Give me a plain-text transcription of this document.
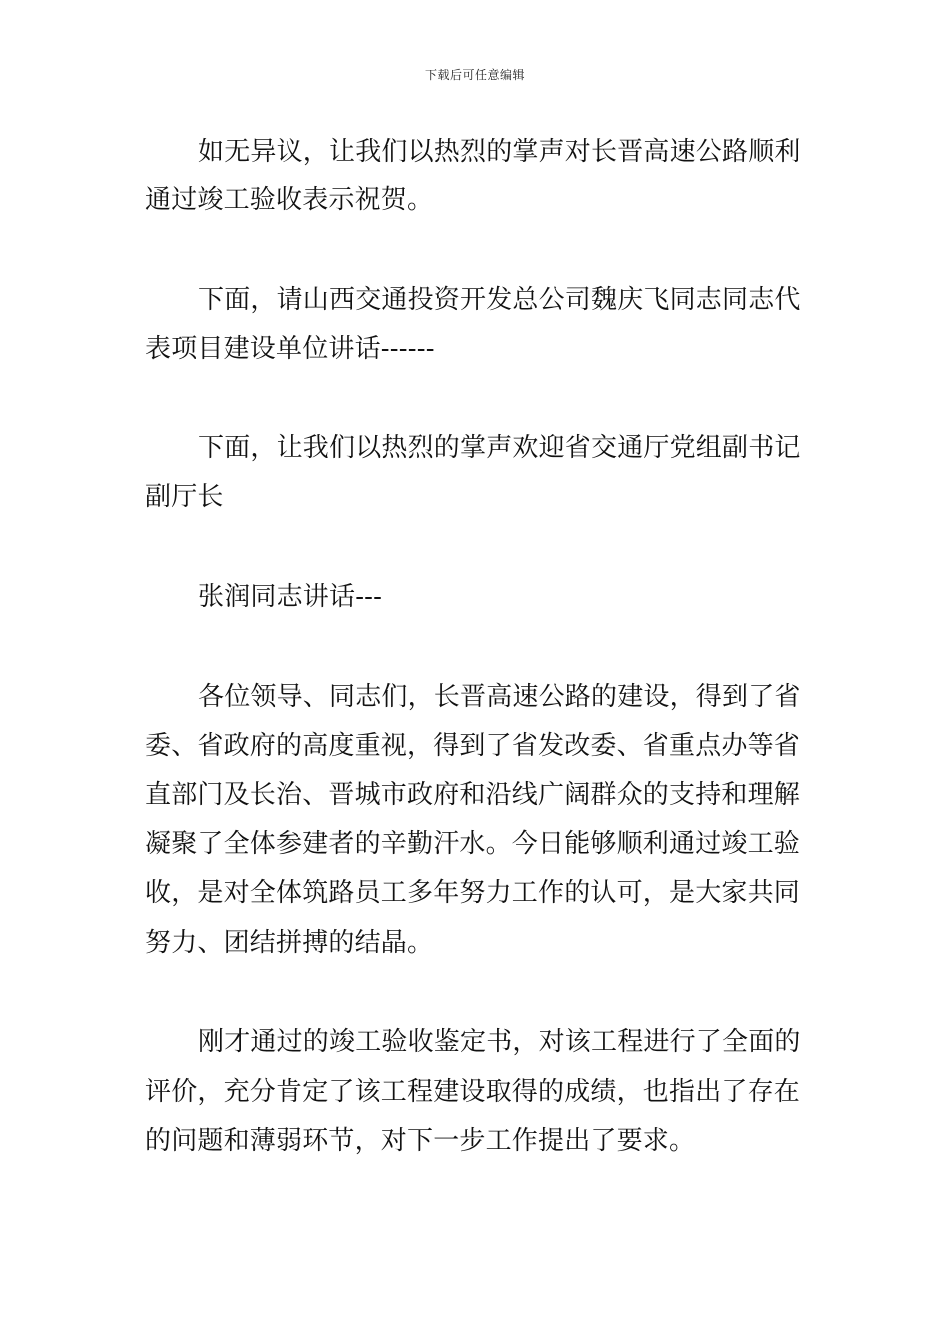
下载后可任意编辑
如无异议，让我们以热烈的掌声对长晋高速公路顺利
通过竣工验收表示祝贺。
下面，请山西交通投资开发总公司魏庆飞同志同志代
表项目建设单位讲话------
下面，让我们以热烈的掌声欢迎省交通厅党组副书记
副厅长
张润同志讲话---
各位领导、同志们，长晋高速公路的建设，得到了省
委、省政府的高度重视，得到了省发改委、省重点办等省
直部门及长治、晋城市政府和沿线广阔群众的支持和理解
凝聚了全体参建者的辛勤汗水。今日能够顺利通过竣工验
收，是对全体筑路员工多年努力工作的认可，是大家共同
努力、团结拼搏的结晶。
刚才通过的竣工验收鉴定书，对该工程进行了全面的
评价，充分肯定了该工程建设取得的成绩，也指出了存在
的问题和薄弱环节，对下一步工作提出了要求。
